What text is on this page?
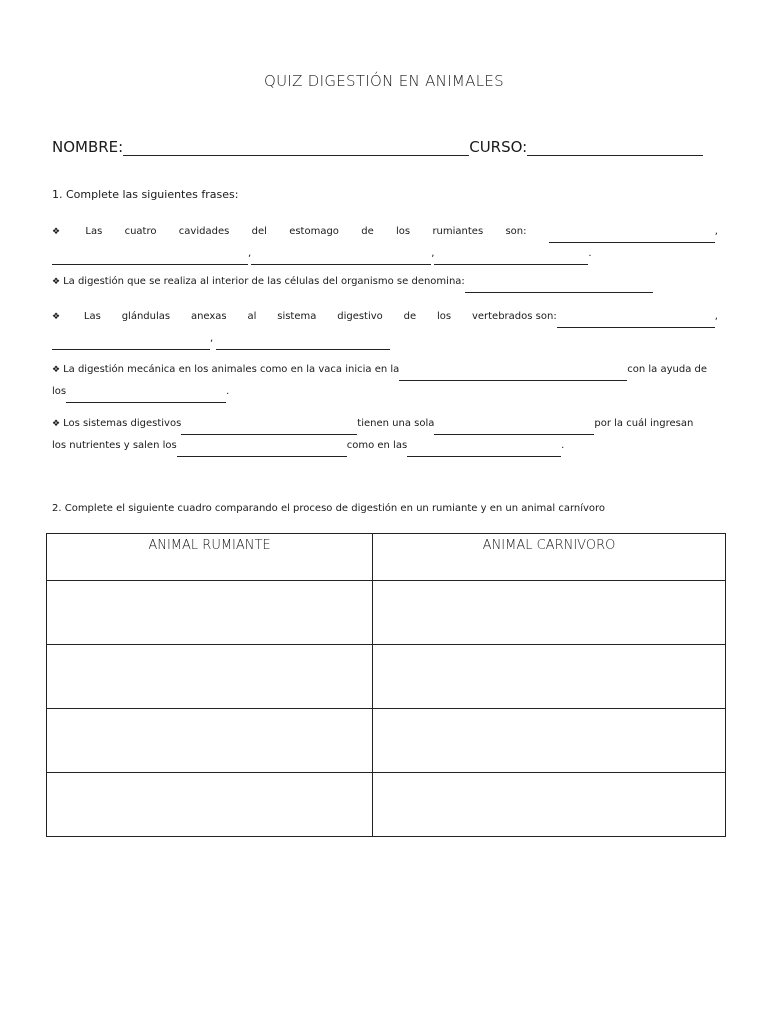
QUIZ DIGESTIÓN EN ANIMALES
NOMBRE:	CURSO:
1. Complete las siguientes frases:
❖	Las cuatro cavidades del estomago de los rumiantes son:	,
,	,	.
❖ La digestión que se realiza al interior de las células del organismo se denomina:
❖ Las glándulas anexas al sistema digestivo de los vertebrados son:	,
,
❖ La digestión mecánica en los animales como en la vaca inicia en la	con la ayuda de
los	.
❖ Los sistemas digestivos	tienen una sola	por la cuál ingresan
los nutrientes y salen los	como en las	.
2. Complete el siguiente cuadro comparando el proceso de digestión en un rumiante y en un animal carnívoro
ANIMAL RUMIANTE	ANIMAL CARNIVORO
